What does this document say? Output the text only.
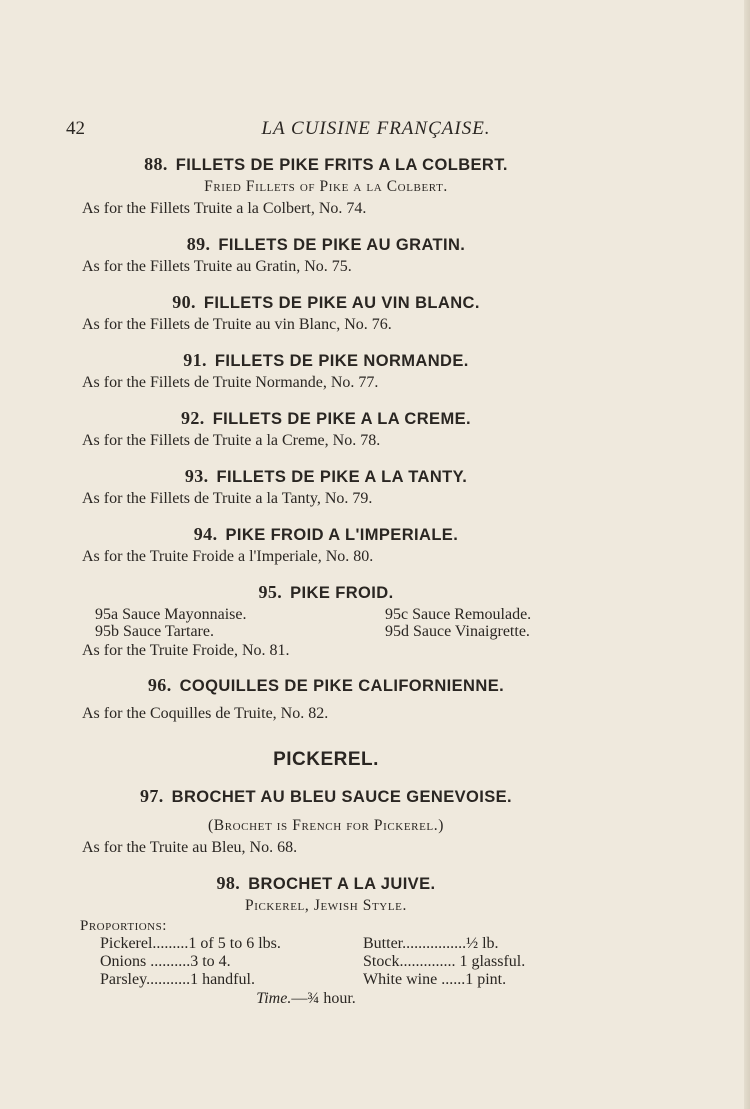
42	LA CUISINE FRANÇAISE.
88. FILLETS DE PIKE FRITS A LA COLBERT.
Fried Fillets of Pike a la Colbert.
As for the Fillets Truite a la Colbert, No. 74.
89. FILLETS DE PIKE AU GRATIN.
As for the Fillets Truite au Gratin, No. 75.
90. FILLETS DE PIKE AU VIN BLANC.
As for the Fillets de Truite au vin Blanc, No. 76.
91. FILLETS DE PIKE NORMANDE.
As for the Fillets de Truite Normande, No. 77.
92. FILLETS DE PIKE A LA CREME.
As for the Fillets de Truite a la Creme, No. 78.
93. FILLETS DE PIKE A LA TANTY.
As for the Fillets de Truite a la Tanty, No. 79.
94. PIKE FROID A L'IMPERIALE.
As for the Truite Froide a l'Imperiale, No. 80.
95. PIKE FROID.
95a Sauce Mayonnaise.	95c Sauce Remoulade.
95b Sauce Tartare.	95d Sauce Vinaigrette.
As for the Truite Froide, No. 81.
96. COQUILLES DE PIKE CALIFORNIENNE.
As for the Coquilles de Truite, No. 82.
PICKEREL.
97. BROCHET AU BLEU SAUCE GENEVOISE.
(Brochet is French for Pickerel.)
As for the Truite au Bleu, No. 68.
98. BROCHET A LA JUIVE.
Pickerel, Jewish Style.
Proportions:
Pickerel.........1 of 5 to 6 lbs.	Butter................½ lb.
Onions ..........3 to 4.	Stock.............. 1 glassful.
Parsley...........1 handful.	White wine ......1 pint.
Time.—¾ hour.
